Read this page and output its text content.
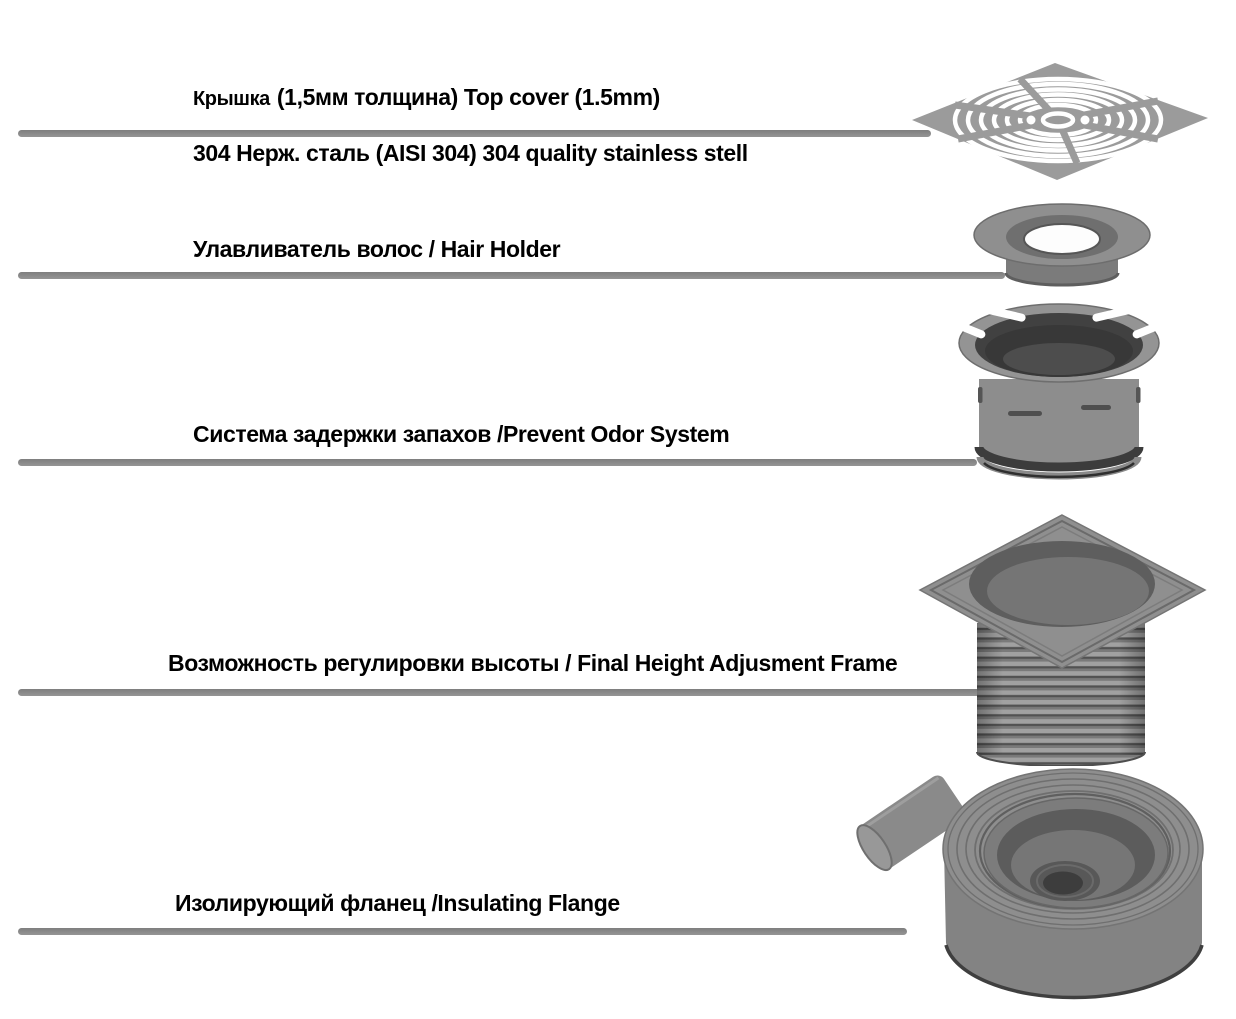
Крышка (1,5мм толщина) Top cover (1.5mm)
304 Нерж. сталь (AISI 304) 304 quality stainless stell
Улавливатель волос / Hair Holder
Система задержки запахов /Prevent Odor System
Возможность регулировки высоты / Final Height Adjusment Frame
Изолирующий фланец /Insulating Flange
